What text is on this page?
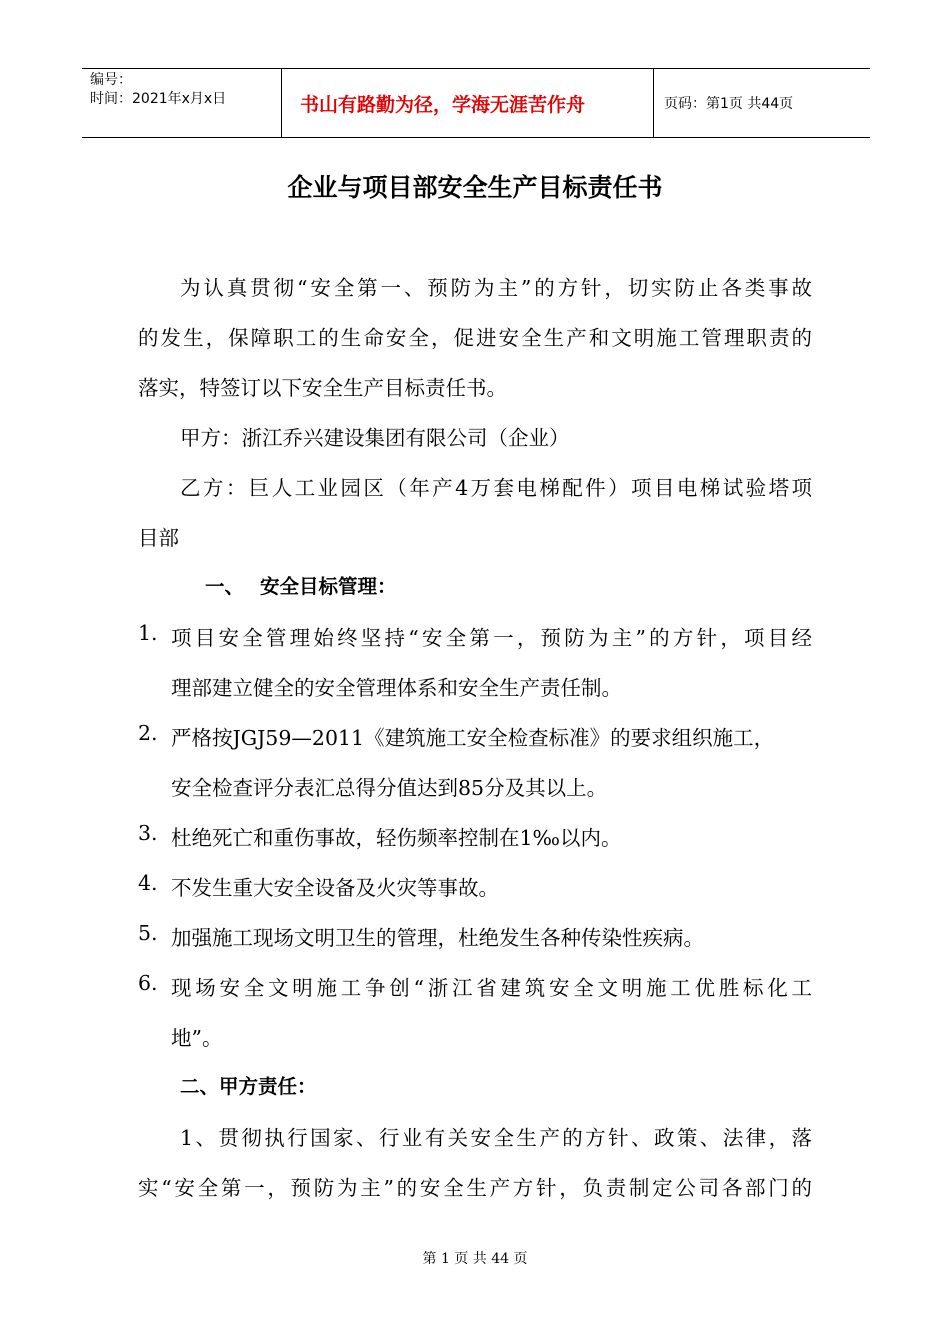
编号：
时间：2021年x月x日	书山有路勤为径，学海无涯苦作舟	页码：第1页 共44页
企业与项目部安全生产目标责任书
为认真贯彻“安全第一、预防为主”的方针，切实防止各类事故
的发生，保障职工的生命安全，促进安全生产和文明施工管理职责的
落实，特签订以下安全生产目标责任书。
甲方：浙江乔兴建设集团有限公司（企业）
乙方：巨人工业园区（年产4万套电梯配件）项目电梯试验塔项
目部
一、 安全目标管理：
1. 项目安全管理始终坚持“安全第一，预防为主”的方针，项目经
理部建立健全的安全管理体系和安全生产责任制。
2. 严格按JGJ59—2011《建筑施工安全检查标准》的要求组织施工，
安全检查评分表汇总得分值达到85分及其以上。
3. 杜绝死亡和重伤事故，轻伤频率控制在1‰以内。
4. 不发生重大安全设备及火灾等事故。
5. 加强施工现场文明卫生的管理，杜绝发生各种传染性疾病。
6. 现场安全文明施工争创“浙江省建筑安全文明施工优胜标化工
地”。
二、甲方责任：
1、贯彻执行国家、行业有关安全生产的方针、政策、法律，落
实“安全第一，预防为主”的安全生产方针，负责制定公司各部门的
第 1 页 共 44 页
